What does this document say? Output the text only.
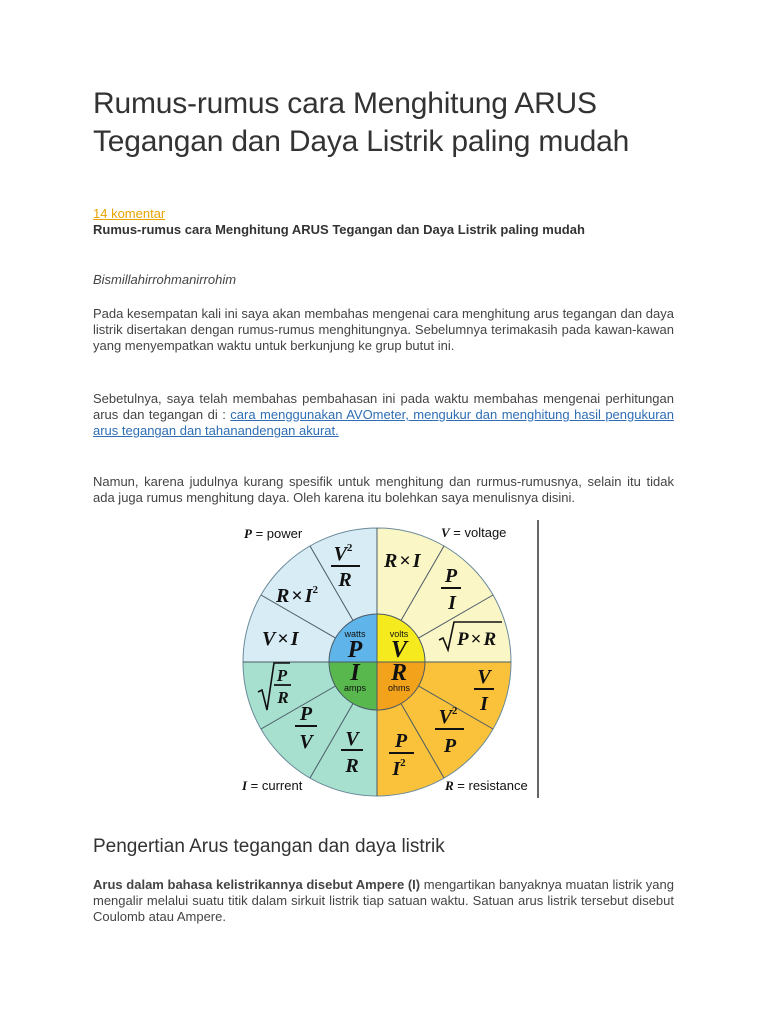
Rumus-rumus cara Menghitung ARUS Tegangan dan Daya Listrik paling mudah
14 komentar

Rumus-rumus cara Menghitung ARUS Tegangan dan Daya Listrik paling mudah

Bismillahirrohmanirrohim

Pada kesempatan kali ini saya akan membahas mengenai cara menghitung arus tegangan dan daya listrik disertakan dengan rumus-rumus menghitungnya. Sebelumnya terimakasih pada kawan-kawan yang menyempatkan waktu untuk berkunjung ke grup butut ini.

Sebetulnya, saya telah membahas pembahasan ini pada waktu membahas mengenai perhitungan arus dan tegangan di : cara menggunakan AVOmeter, mengukur dan menghitung hasil pengukuran arus tegangan dan tahanandengan akurat.

Namun, karena judulnya kurang spesifik untuk menghitung dan rurmus-rumusnya, selain itu tidak ada juga rumus menghitung daya. Oleh karena itu bolehkan saya menulisnya disini.

watts
P
volts
V
I
amps
R
ohms
P = power	V = voltage
I = current	R = resistance
$V^2$
R
$R \times I^2$
V × I
R × I
P
I
P × R
P
R
P
V V
R
P
$I^2$
$V^2$
P
V
I
Pengertian Arus tegangan dan daya listrik

Arus dalam bahasa kelistrikannya disebut Ampere (I) mengartikan banyaknya muatan listrik yang mengalir melalui suatu titik dalam sirkuit listrik tiap satuan waktu. Satuan arus listrik tersebut disebut Coulomb atau Ampere.
